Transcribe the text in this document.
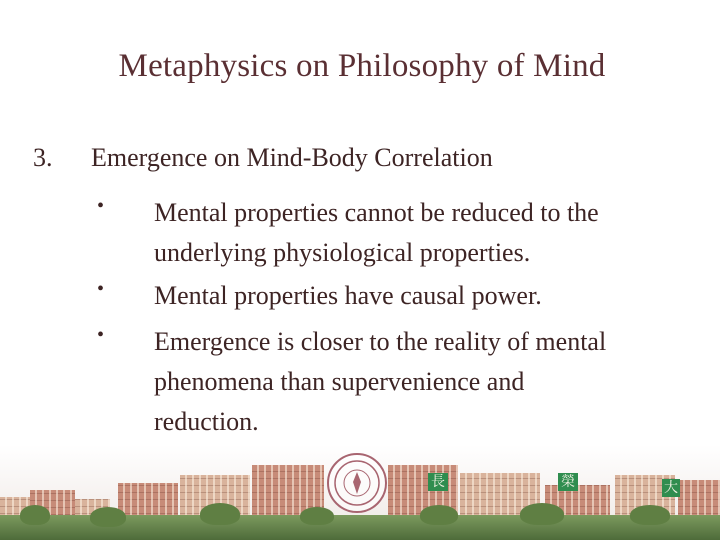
Metaphysics on Philosophy of Mind
3. Emergence on Mind-Body Correlation
• Mental properties cannot be reduced to the
underlying physiological properties.
• Mental properties have causal power.
• Emergence is closer to the reality of mental
phenomena than supervenience and
reduction.
長	榮	大
